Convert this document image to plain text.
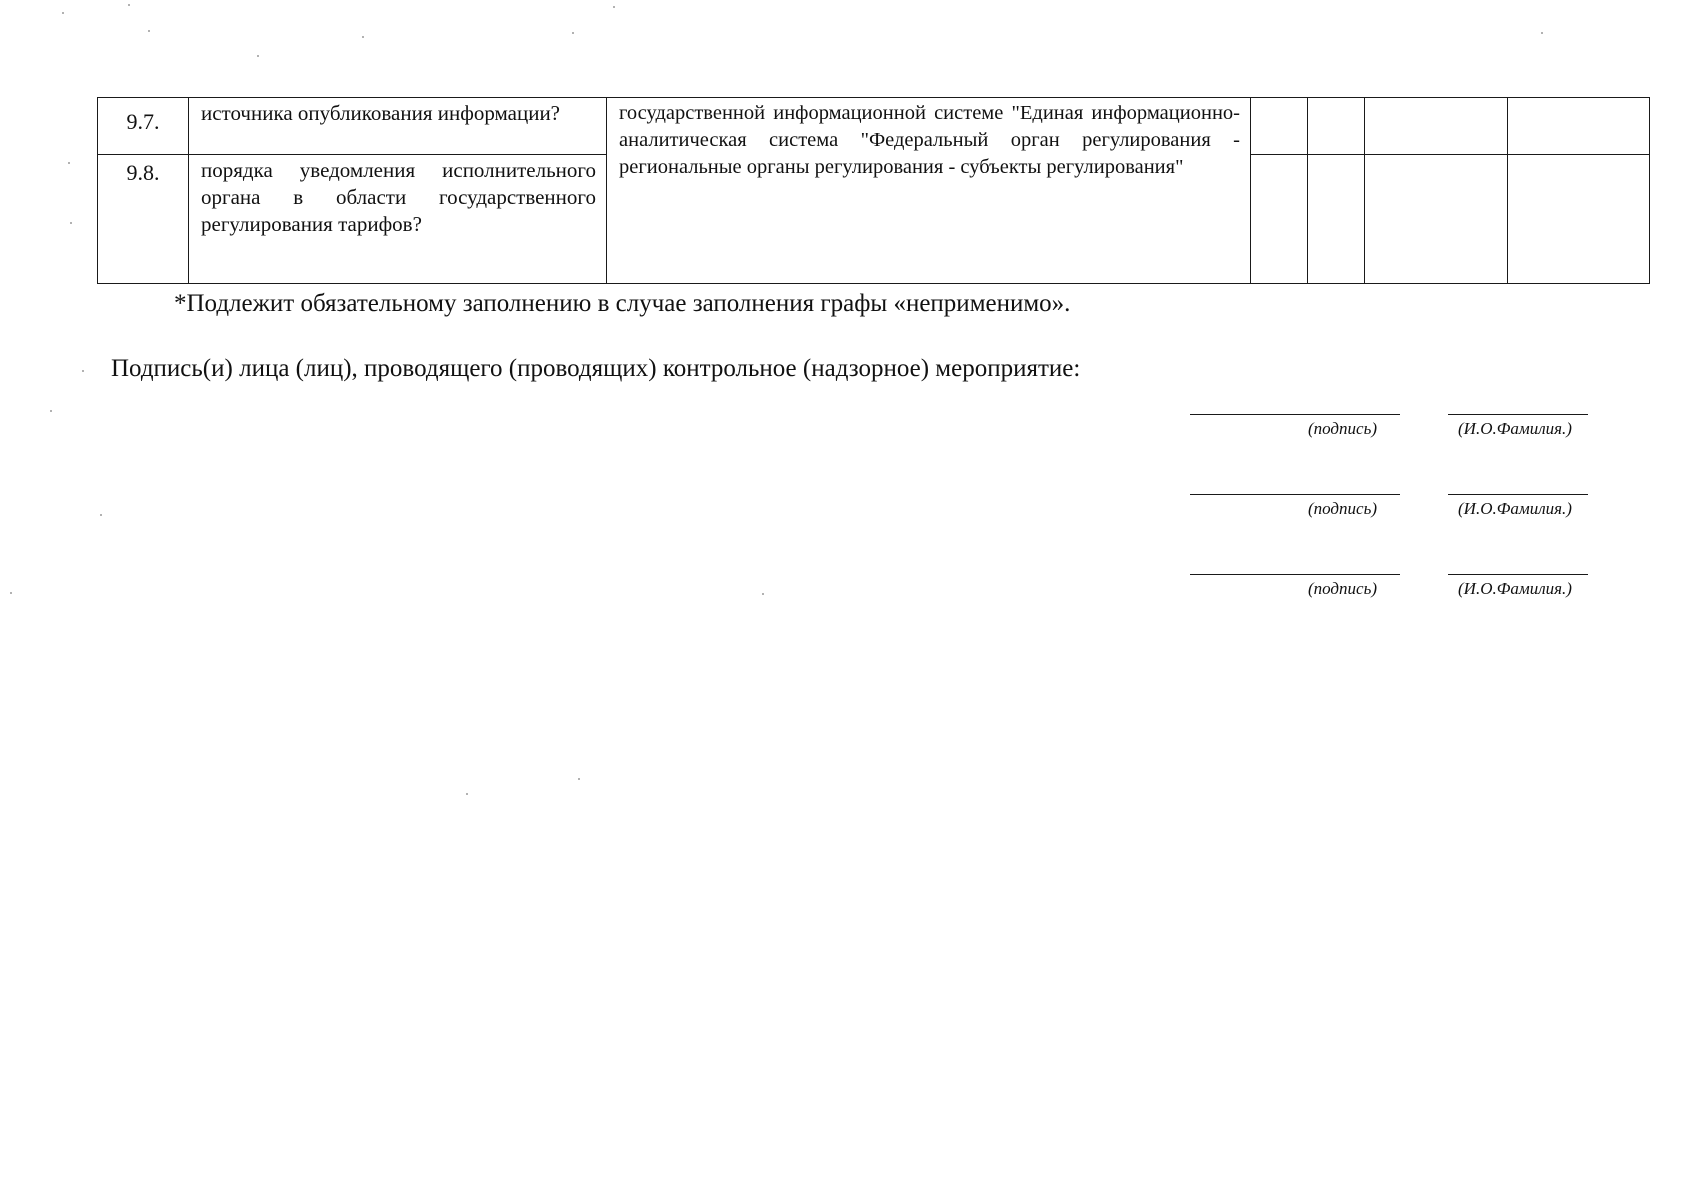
9.7.	источника опубликования информации?	государственной информационной системе "Единая информационно-аналитическая система "Федеральный орган регулирования - региональные органы регулирования - субъекты регулирования"				
9.8.	порядка уведомления исполнительного органа в области государственного регулирования тарифов?					
*Подлежит обязательному заполнению в случае заполнения графы «неприменимо».
Подпись(и) лица (лиц), проводящего (проводящих) контрольное (надзорное) мероприятие:
(подпись)	(И.О.Фамилия.)
(подпись)	(И.О.Фамилия.)
(подпись)	(И.О.Фамилия.)
